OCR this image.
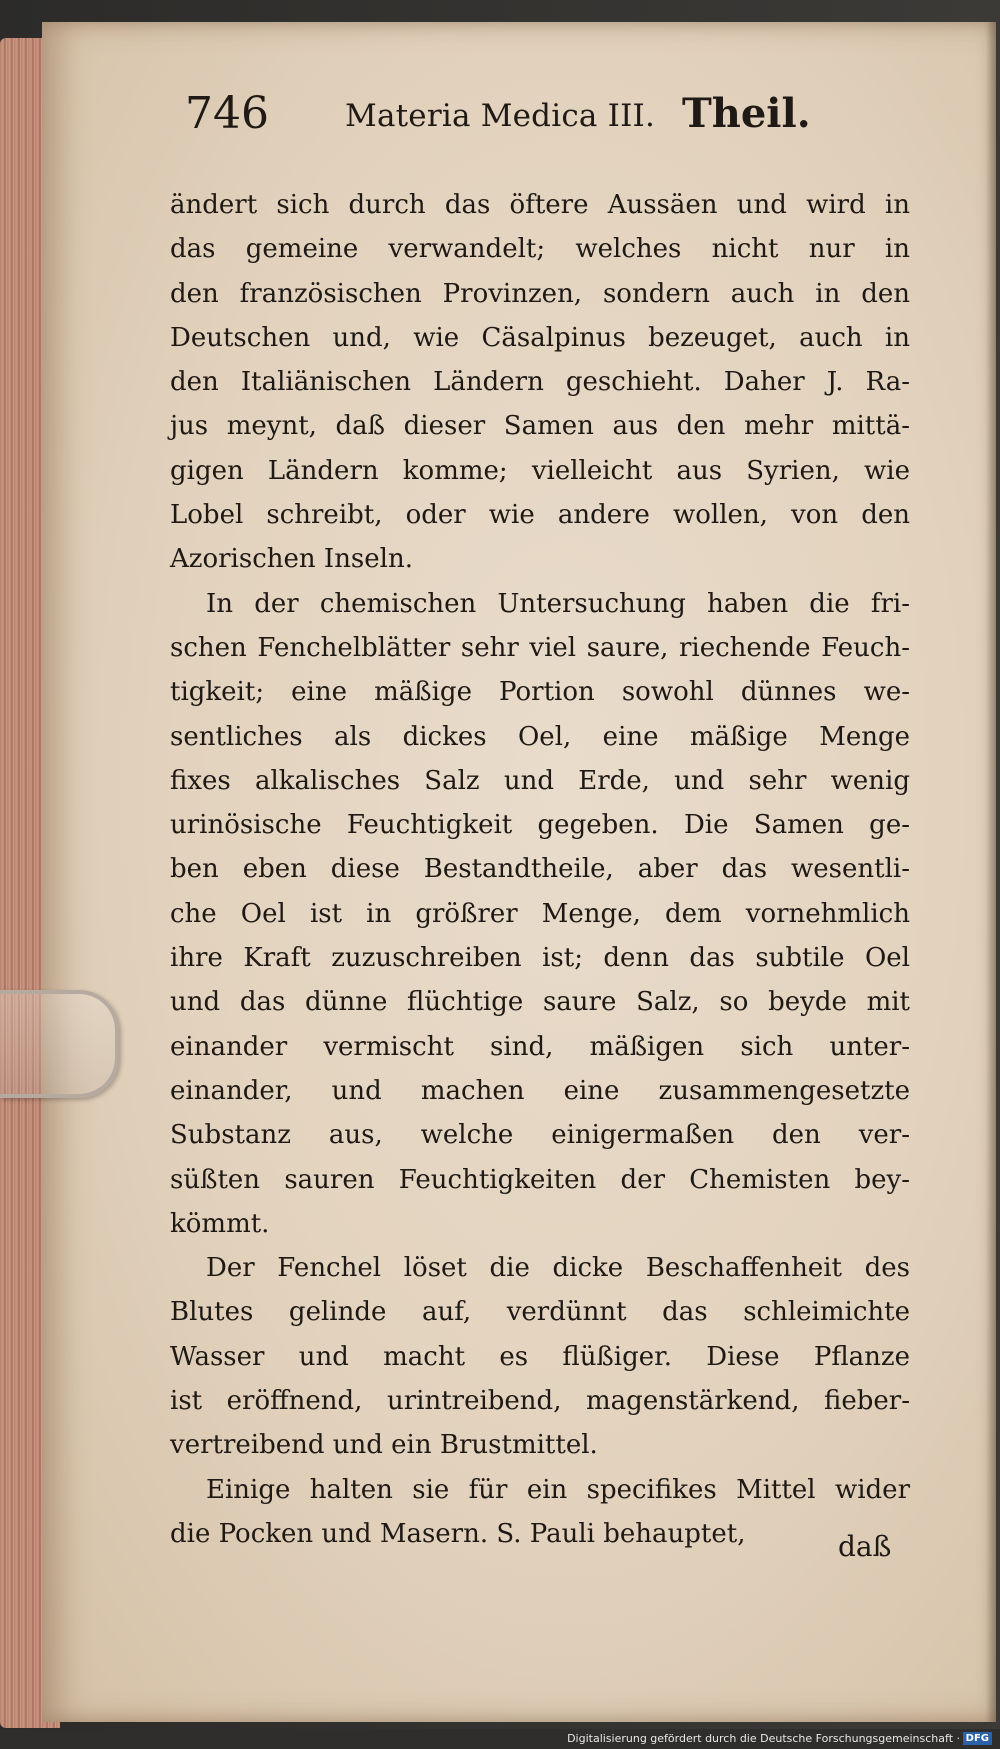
746 Materia Medica III. Theil.
ändert sich durch das öftere Aussäen und wird in
das gemeine verwandelt; welches nicht nur in
den französischen Provinzen, sondern auch in den
Deutschen und, wie Cäsalpinus bezeuget, auch in
den Italiänischen Ländern geschieht. Daher J. Ra-
jus meynt, daß dieser Samen aus den mehr mittä-
gigen Ländern komme; vielleicht aus Syrien, wie
Lobel schreibt, oder wie andere wollen, von den
Azorischen Inseln.
In der chemischen Untersuchung haben die fri-
schen Fenchelblätter sehr viel saure, riechende Feuch-
tigkeit; eine mäßige Portion sowohl dünnes we-
sentliches als dickes Oel, eine mäßige Menge
fixes alkalisches Salz und Erde, und sehr wenig
urinösische Feuchtigkeit gegeben. Die Samen ge-
ben eben diese Bestandtheile, aber das wesentli-
che Oel ist in größrer Menge, dem vornehmlich
ihre Kraft zuzuschreiben ist; denn das subtile Oel
und das dünne flüchtige saure Salz, so beyde mit
einander vermischt sind, mäßigen sich unter-
einander, und machen eine zusammengesetzte
Substanz aus, welche einigermaßen den ver-
süßten sauren Feuchtigkeiten der Chemisten bey-
kömmt.
Der Fenchel löset die dicke Beschaffenheit des
Blutes gelinde auf, verdünnt das schleimichte
Wasser und macht es flüßiger. Diese Pflanze
ist eröffnend, urintreibend, magenstärkend, fieber-
vertreibend und ein Brustmittel.
Einige halten sie für ein specifikes Mittel wider
die Pocken und Masern. S. Pauli behauptet,	daß
Digitalisierung gefördert durch die Deutsche Forschungsgemeinschaft · DFG
